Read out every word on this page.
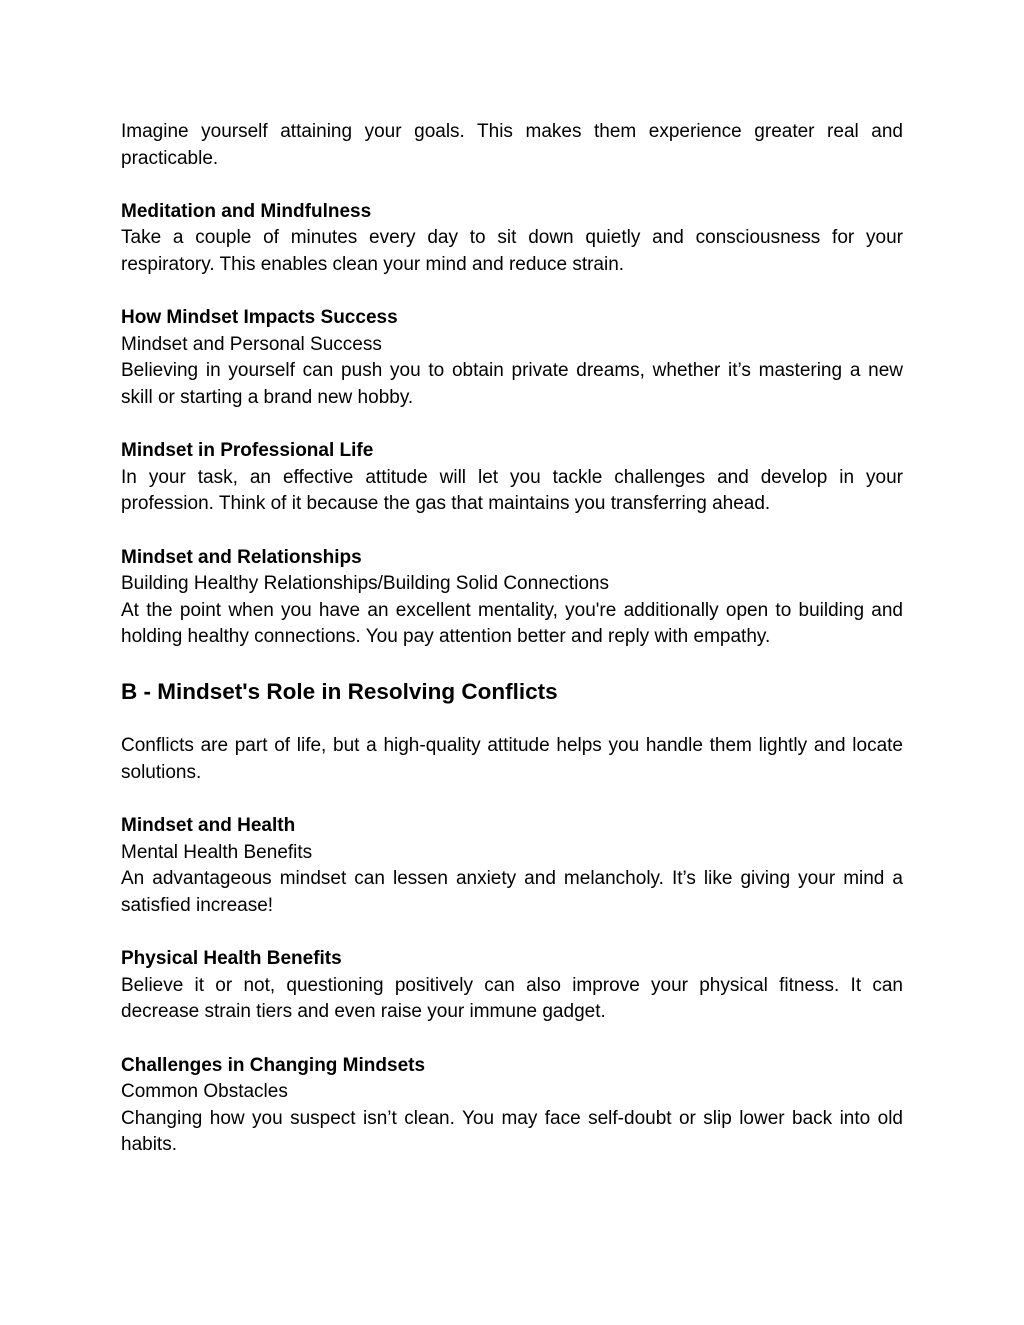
Imagine yourself attaining your goals. This makes them experience greater real and practicable.

Meditation and Mindfulness

Take a couple of minutes every day to sit down quietly and consciousness for your respiratory. This enables clean your mind and reduce strain.

How Mindset Impacts Success

Mindset and Personal Success

Believing in yourself can push you to obtain private dreams, whether it’s mastering a new skill or starting a brand new hobby.

Mindset in Professional Life

In your task, an effective attitude will let you tackle challenges and develop in your profession. Think of it because the gas that maintains you transferring ahead.

Mindset and Relationships

Building Healthy Relationships/Building Solid Connections

At the point when you have an excellent mentality, you're additionally open to building and holding healthy connections. You pay attention better and reply with empathy.

B - Mindset's Role in Resolving Conflicts

Conflicts are part of life, but a high-quality attitude helps you handle them lightly and locate solutions.

Mindset and Health

Mental Health Benefits

An advantageous mindset can lessen anxiety and melancholy. It’s like giving your mind a satisfied increase!

Physical Health Benefits

Believe it or not, questioning positively can also improve your physical fitness. It can decrease strain tiers and even raise your immune gadget.

Challenges in Changing Mindsets

Common Obstacles

Changing how you suspect isn’t clean. You may face self-doubt or slip lower back into old habits.
